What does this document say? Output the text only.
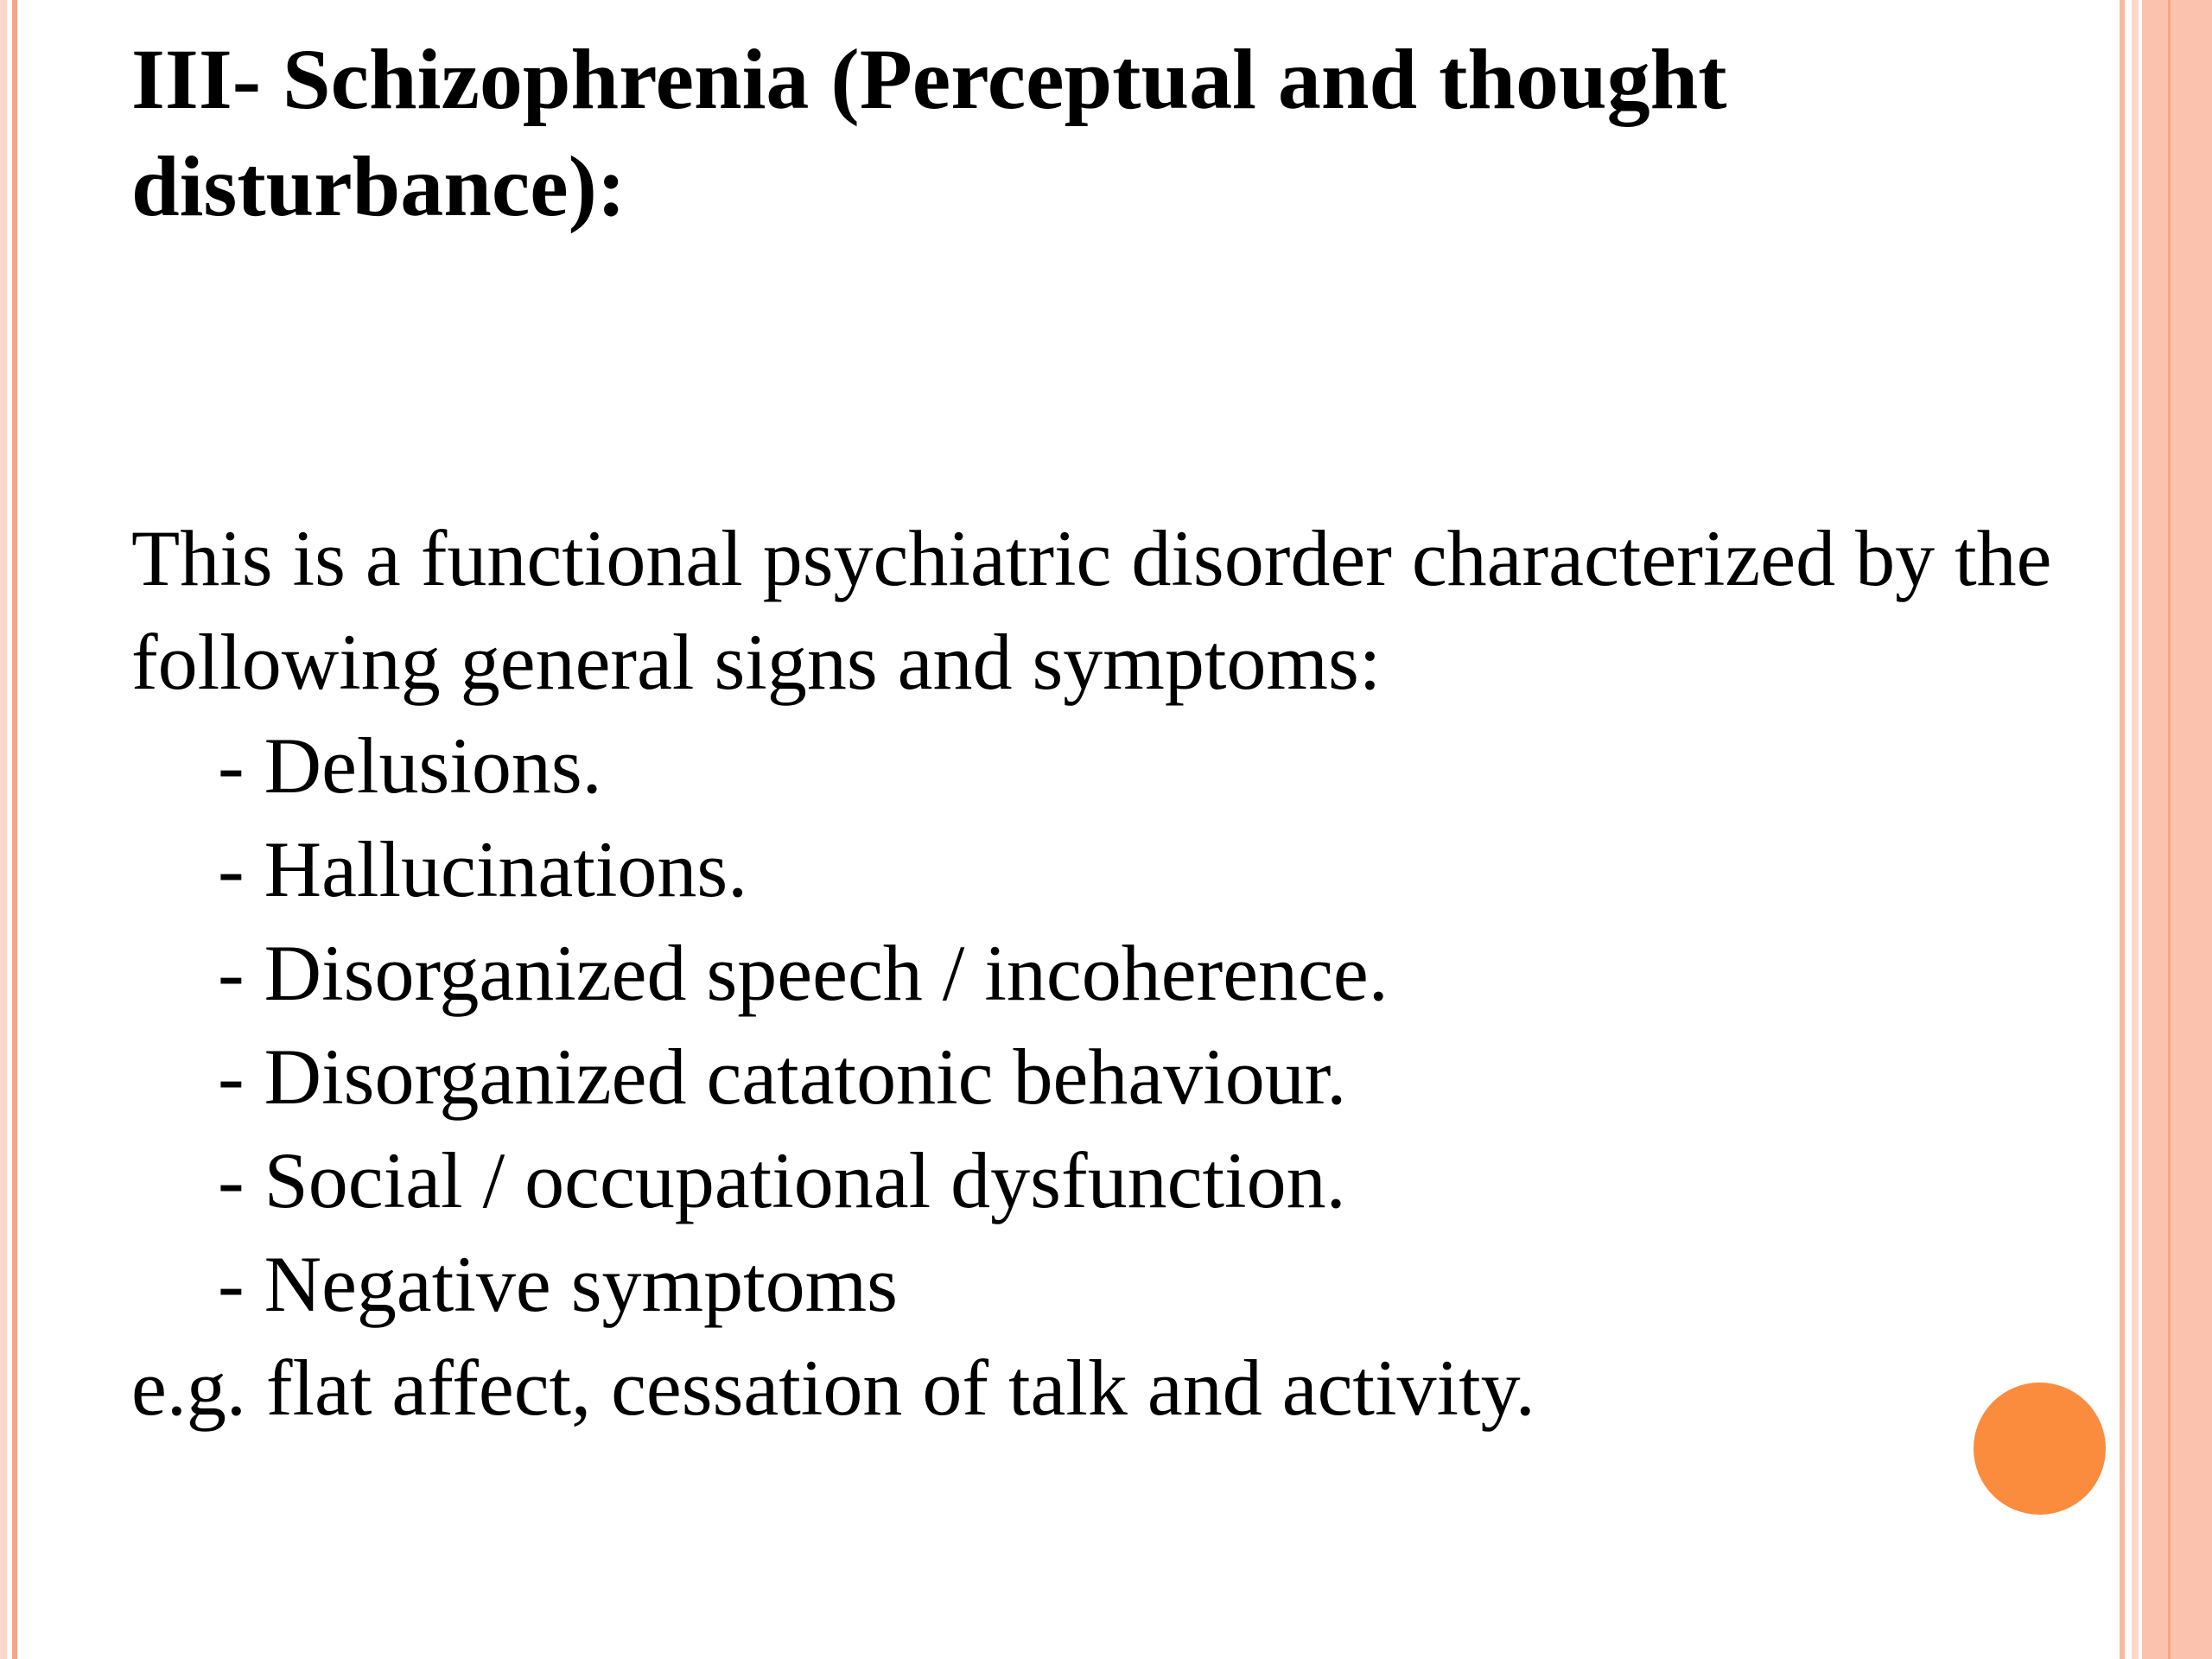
III- Schizophrenia (Perceptual and thought disturbance):

This is a functional psychiatric disorder characterized by the following general signs and symptoms:

- Delusions.
- Hallucinations.
- Disorganized speech / incoherence.
- Disorganized catatonic behaviour.
- Social / occupational dysfunction.
- Negative symptoms

e.g. flat affect, cessation of talk and activity.
